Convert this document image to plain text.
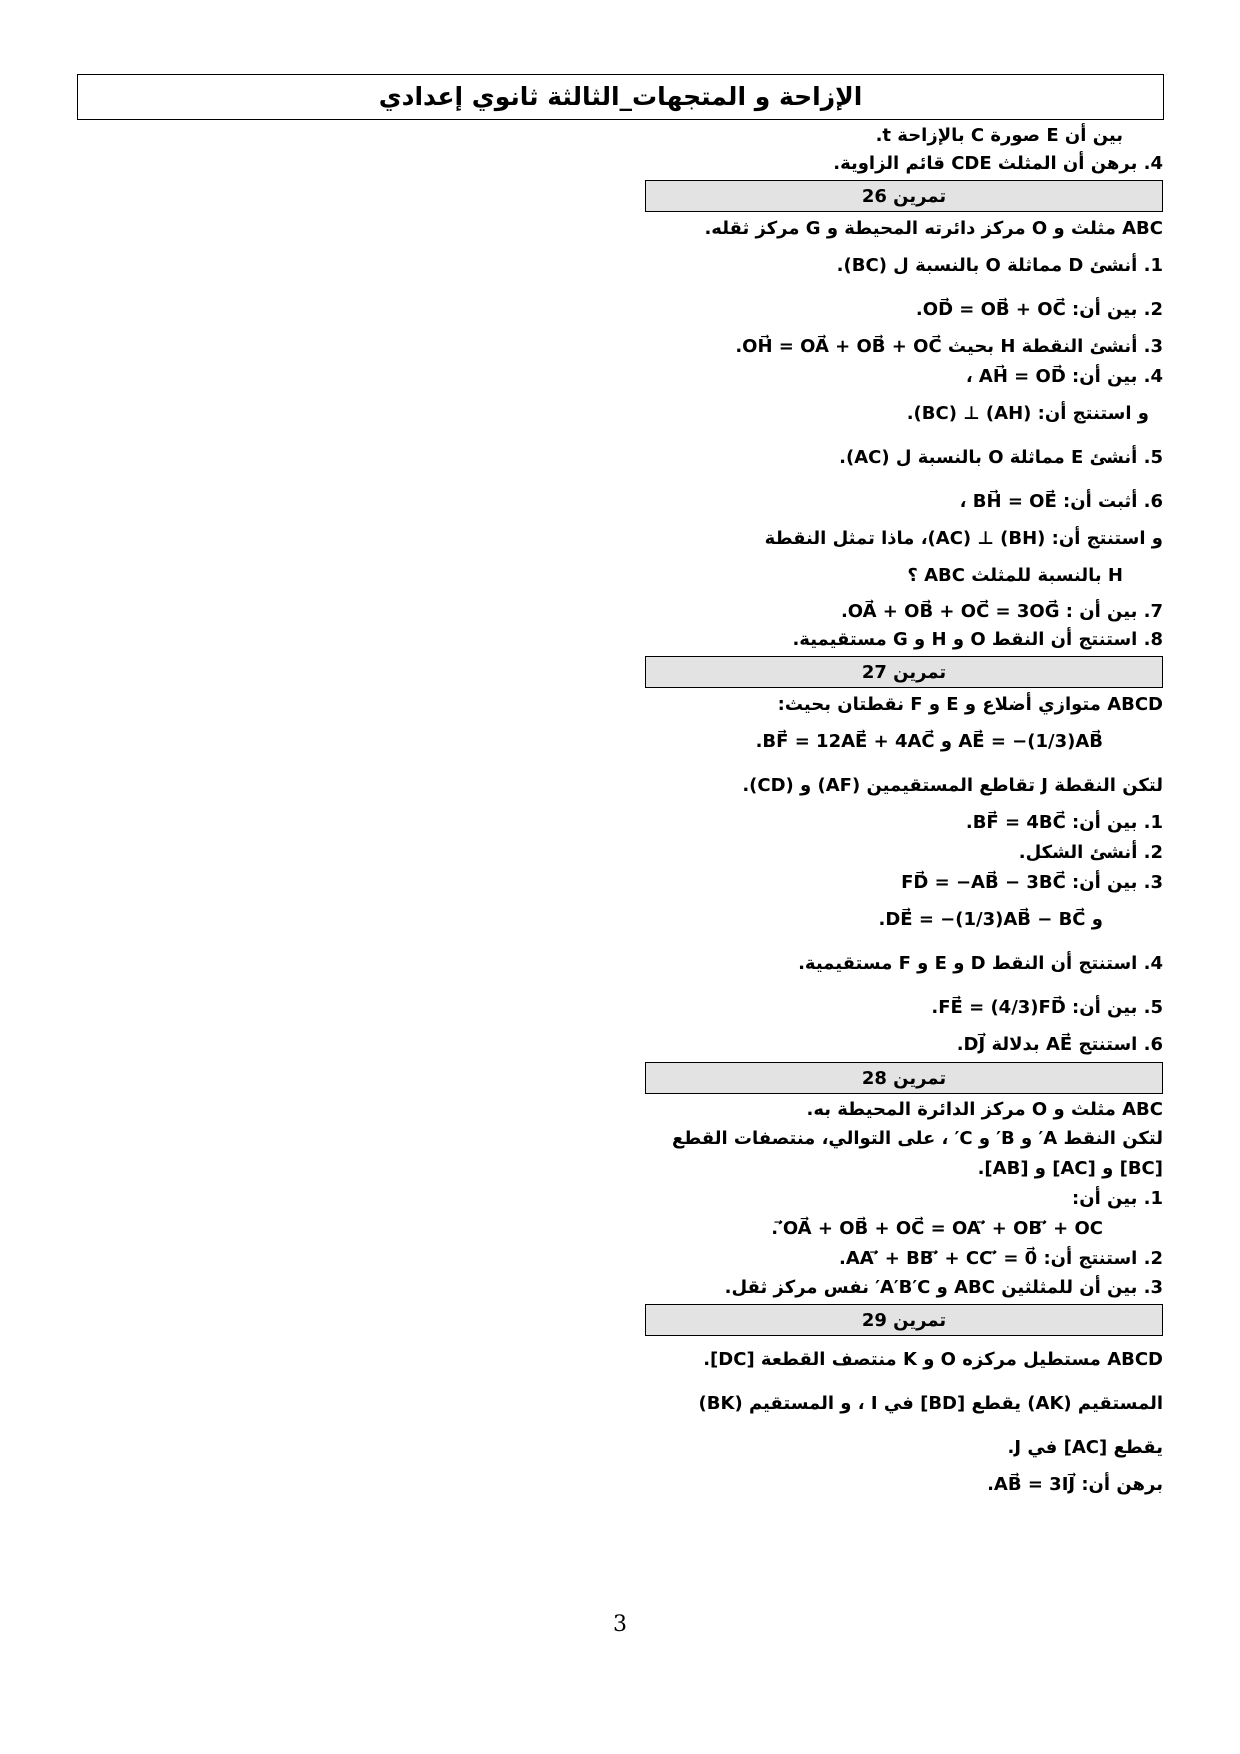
الإزاحة و المتجهات_الثالثة ثانوي إعدادي
بين أن E صورة C بالإزاحة t.
4. برهن أن المثلث CDE قائم الزاوية.
تمرين 26
ABC مثلث و O مركز دائرته المحيطة و G مركز ثقله.
1. أنشئ D مماثلة O بالنسبة ل (BC).
2. بين أن: OD⃗ = OB⃗ + OC⃗.
3. أنشئ النقطة H بحيث OH⃗ = OA⃗ + OB⃗ + OC⃗.
4. بين أن: AH⃗ = OD⃗ ،
و استنتج أن: (AH) ⊥ (BC).
5. أنشئ E مماثلة O بالنسبة ل (AC).
6. أثبت أن: BH⃗ = OE⃗ ،
و استنتج أن: (BH) ⊥ (AC)، ماذا تمثل النقطة
H بالنسبة للمثلث ABC ؟
7. بين أن : OA⃗ + OB⃗ + OC⃗ = 3OG⃗.
8. استنتج أن النقط O و H و G مستقيمية.
تمرين 27
ABCD متوازي أضلاع و E و F نقطتان بحيث:
AE⃗ = −(1/3)AB⃗ و BF⃗ = 12AE⃗ + 4AC⃗.
لتكن النقطة J تقاطع المستقيمين (AF) و (CD).
1. بين أن: BF⃗ = 4BC⃗.
2. أنشئ الشكل.
3. بين أن: FD⃗ = −AB⃗ − 3BC⃗
و DE⃗ = −(1/3)AB⃗ − BC⃗.
4. استنتج أن النقط D و E و F مستقيمية.
5. بين أن: FE⃗ = (4/3)FD⃗.
6. استنتج AE⃗ بدلالة DJ⃗.
تمرين 28
ABC مثلث و O مركز الدائرة المحيطة به.
لتكن النقط A′ و B′ و C′ ، على التوالي، منتصفات القطع
[BC] و [AC] و [AB].
1. بين أن:
OA⃗ + OB⃗ + OC⃗ = OA′⃗ + OB′⃗ + OC′⃗.
2. استنتج أن: AA′⃗ + BB′⃗ + CC′⃗ = 0⃗.
3. بين أن للمثلثين ABC و A′B′C′ نفس مركز ثقل.
تمرين 29
ABCD مستطيل مركزه O و K منتصف القطعة [DC].
المستقيم (AK) يقطع [BD] في I ، و المستقيم (BK)
يقطع [AC] في J.
برهن أن: AB⃗ = 3IJ⃗.
3
